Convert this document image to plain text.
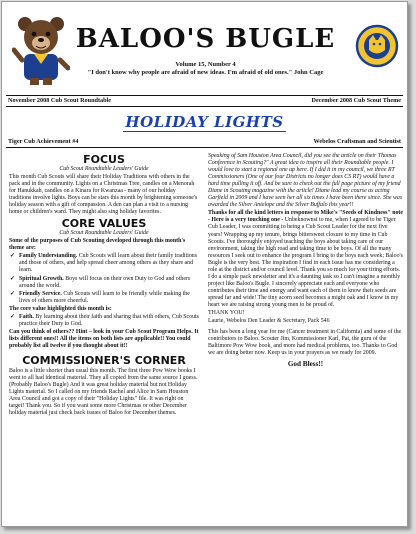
BALOO'S BUGLE
Volume 15, Number 4
"I don't know why people are afraid of new ideas. I'm afraid of old ones." John Cage
November 2008 Cub Scout Roundtable	December 2008 Cub Scout Theme
HOLIDAY LIGHTS
Tiger Cub Achievement #4	Webelos Craftsman and Scientist
FOCUS
Cub Scout Roundtable Leaders' Guide

This month Cub Scouts will share their Holiday Traditions with others in the pack and in the community. Lights on a Christmas Tree, candles on a Menorah for Hanukkah, candles on a Kinara for Kwanzaa - many of our holiday traditions involve lights. Boys can be stars this month by brightening someone's holiday season with a gift of compassion. A den can plan a visit to a nursing home or children's ward. They might also sing holiday favorites.

CORE VALUES
Cub Scout Roundtable Leaders' Guide

Some of the purposes of Cub Scouting developed through this month's theme are:

✓ Family Understanding. Cub Scouts will learn about their family traditions and those of others, and help spread cheer among others as they share and learn.
✓ Spiritual Growth. Boys will focus on their own Duty to God and others around the world.
✓ Friendly Service. Cub Scouts will learn to be friendly while making the lives of others more cheerful.

The core value highlighted this month is:

✓ Faith. By learning about their faith and sharing that with others, Cub Scouts practice their Duty to God.

Can you think of others?? Hint – look in your Cub Scout Program Helps. It lists different ones!! All the items on both lists are applicable!! You could probably list all twelve if you thought about it!!

COMMISSIONER'S CORNER

Baloo is a little shorter than usual this month. The first three Pow Wow books I went to all had identical material. They all copied from the same source I guess. (Probably Baloo's Bugle) And it was great holiday material but not Holiday Lights material. So I called on my friends Rachel and Alice in Sam Houston Area Council and got a copy of their "Holiday Lights" file. It was right on target! Thank you. So if you want some more Christmas or other December holiday material just check back issues of Baloo for December themes.

Speaking of Sam Houston Area Council, did you see the article on their Thomas Conference in Scouting?" A great idea to inspire all their Roundtable people. I would love to start a regional one up here. If I did it in my council, we three RT Commissioners (One of our four Districts no longer does CS RT) would have a hard time pulling it off. And be sure to check out the full page picture of my friend Diane in Scouting magazine with the article! Diane lead my course as acting Garfield in 2009 and I have seen her all six times I have been there since. She was awarded the Silver Antelope and the Silver Buffalo this year!!

Thanks for all the kind letters in response to Mike's "Seeds of Kindness" note - Here is a very touching one - Unbeknownst to me, when I agreed to be Tiger Cub Leader, I was committing to being a Cub Scout Leader for the next five years! Wrapping up my tenure, brings bittersweet closure to my time in Cub Scouts. I've thoroughly enjoyed teaching the boys about taking care of our environment, taking the high road and taking time to be boys. Of all the many resources I seek out to enhance the program I bring to the boys each week; Baloo's Bugle is the very best. The inspiration I find in each issue has me considering a role at the district and/or council level. Thank you so much for your tiring efforts. I do a simple pack newsletter and it's a daunting task so I can't imagine a monthly project like Baloo's Bugle. I sincerely appreciate each and everyone who contributes their time and energy and want each of them to know their seeds are spread far and wide! The tiny acorn seed becomes a might oak and I know in my heart we are raising strong young men to be proud of.

THANK YOU!

Laurie, Webelos Den Leader & Secretary, Pack 546

This has been a long year for me (Cancer treatment in California) and some of the contributors to Baloo. Scouter Jim, Kommissioner Karl, Pat, the guru of the Baltimore Pow Wow book, and more had medical problems, too. Thanks to God we are doing better now. Keep us in your prayers as we ready for 2009.

God Bless!!
